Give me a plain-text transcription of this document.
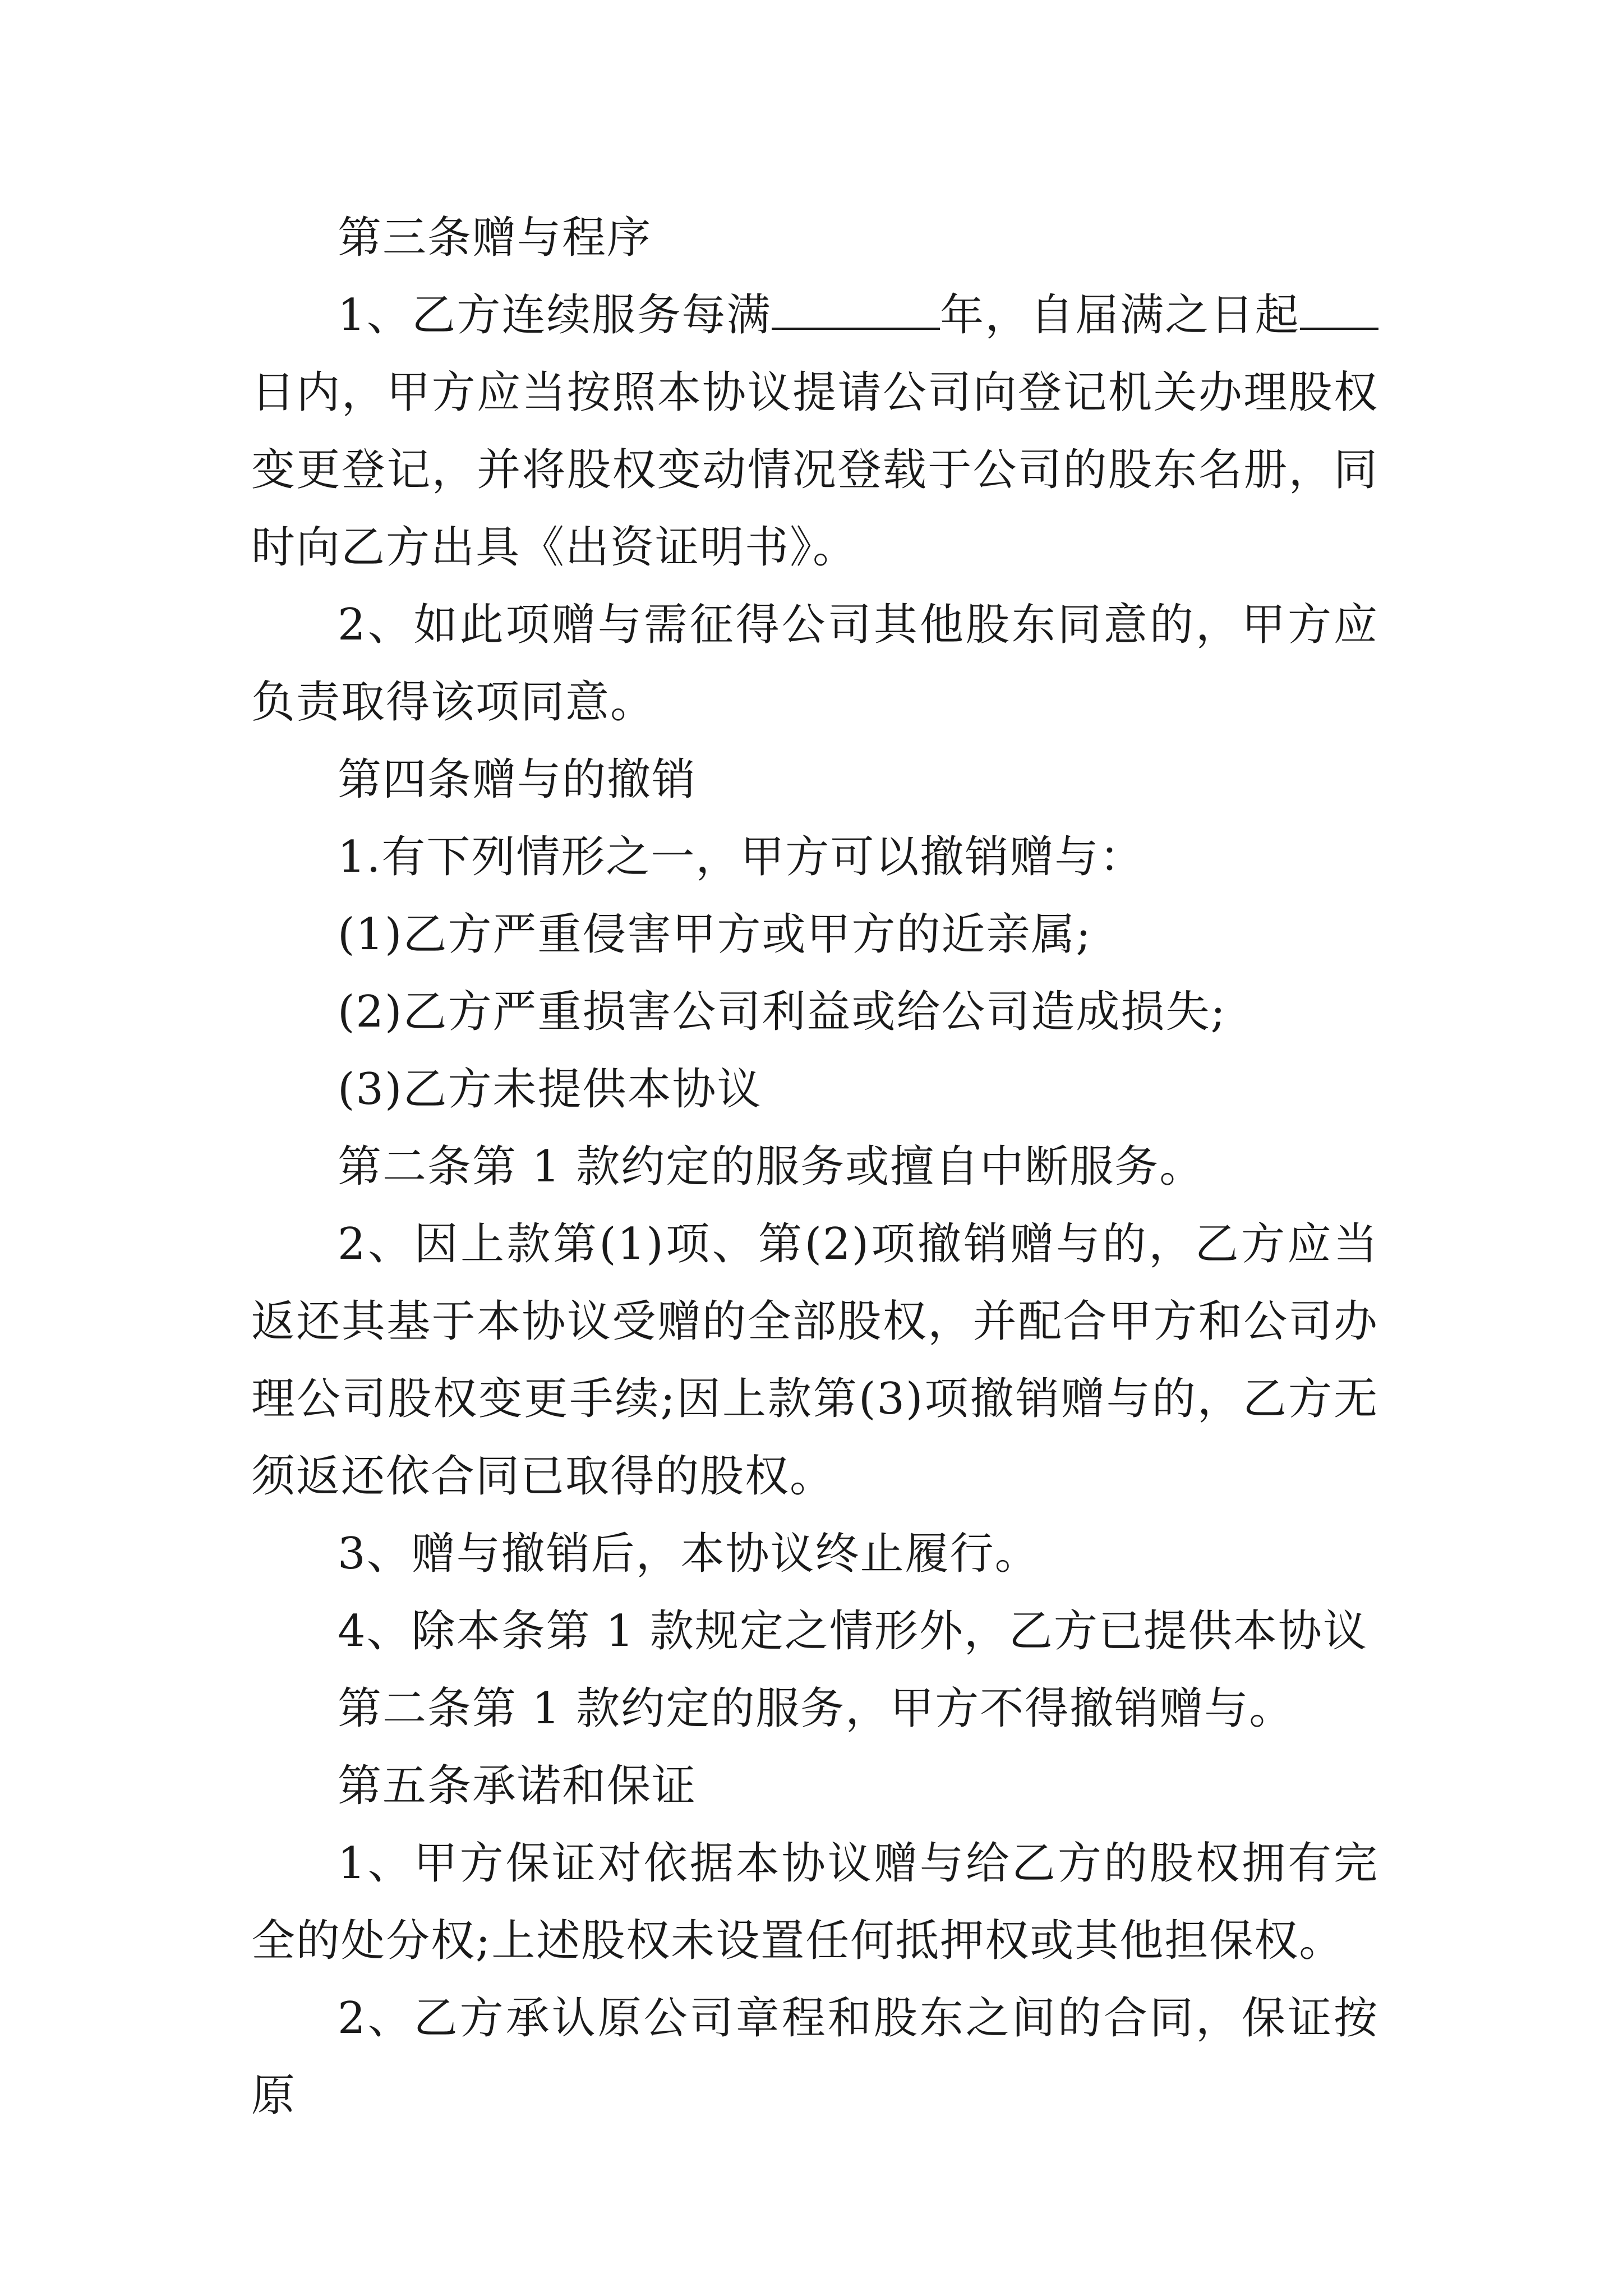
第三条赠与程序

1、乙方连续服务每满	年，自届满之日起日内，甲方应当按照本协议提请公司向登记机关办理股权变更登记，并将股权变动情况登载于公司的股东名册，同时向乙方出具《出资证明书》。

2、如此项赠与需征得公司其他股东同意的，甲方应负责取得该项同意。

第四条赠与的撤销

1.有下列情形之一，甲方可以撤销赠与：

(1)乙方严重侵害甲方或甲方的近亲属;

(2)乙方严重损害公司利益或给公司造成损失;

(3)乙方未提供本协议

第二条第 1 款约定的服务或擅自中断服务。

2、因上款第(1)项、第(2)项撤销赠与的，乙方应当返还其基于本协议受赠的全部股权，并配合甲方和公司办理公司股权变更手续;因上款第(3)项撤销赠与的，乙方无须返还依合同已取得的股权。

3、赠与撤销后，本协议终止履行。

4、除本条第 1 款规定之情形外，乙方已提供本协议

第二条第 1 款约定的服务，甲方不得撤销赠与。

第五条承诺和保证

1、甲方保证对依据本协议赠与给乙方的股权拥有完全的处分权;上述股权未设置任何抵押权或其他担保权。

2、乙方承认原公司章程和股东之间的合同，保证按原
